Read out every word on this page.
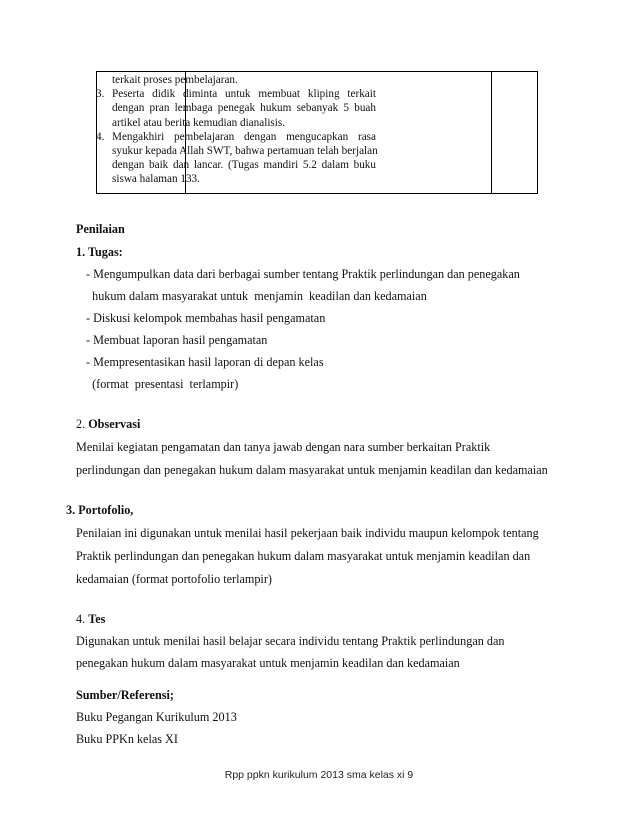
terkait proses pembelajaran.
3. Peserta didik diminta untuk membuat kliping terkait
dengan pran lembaga penegak hukum sebanyak 5 buah
artikel atau berita kemudian dianalisis.
4. Mengakhiri pembelajaran dengan mengucapkan rasa
syukur kepada Allah SWT, bahwa pertamuan telah berjalan
dengan baik dan lancar. (Tugas mandiri 5.2 dalam buku
siswa halaman 133.
Penilaian
1. Tugas:
- Mengumpulkan data dari berbagai sumber tentang Praktik perlindungan dan penegakan
hukum dalam masyarakat untuk  menjamin  keadilan dan kedamaian
- Diskusi kelompok membahas hasil pengamatan
- Membuat laporan hasil pengamatan
- Mempresentasikan hasil laporan di depan kelas
(format  presentasi  terlampir)
2. Observasi
Menilai kegiatan pengamatan dan tanya jawab dengan nara sumber berkaitan Praktik
perlindungan dan penegakan hukum dalam masyarakat untuk menjamin keadilan dan kedamaian
3. Portofolio,
Penilaian ini digunakan untuk menilai hasil pekerjaan baik individu maupun kelompok tentang
Praktik perlindungan dan penegakan hukum dalam masyarakat untuk menjamin keadilan dan
kedamaian (format portofolio terlampir)
4. Tes
Digunakan untuk menilai hasil belajar secara individu tentang Praktik perlindungan dan
penegakan hukum dalam masyarakat untuk menjamin keadilan dan kedamaian
Sumber/Referensi;
Buku Pegangan Kurikulum 2013
Buku PPKn kelas XI
Rpp ppkn kurikulum 2013 sma kelas xi 9
